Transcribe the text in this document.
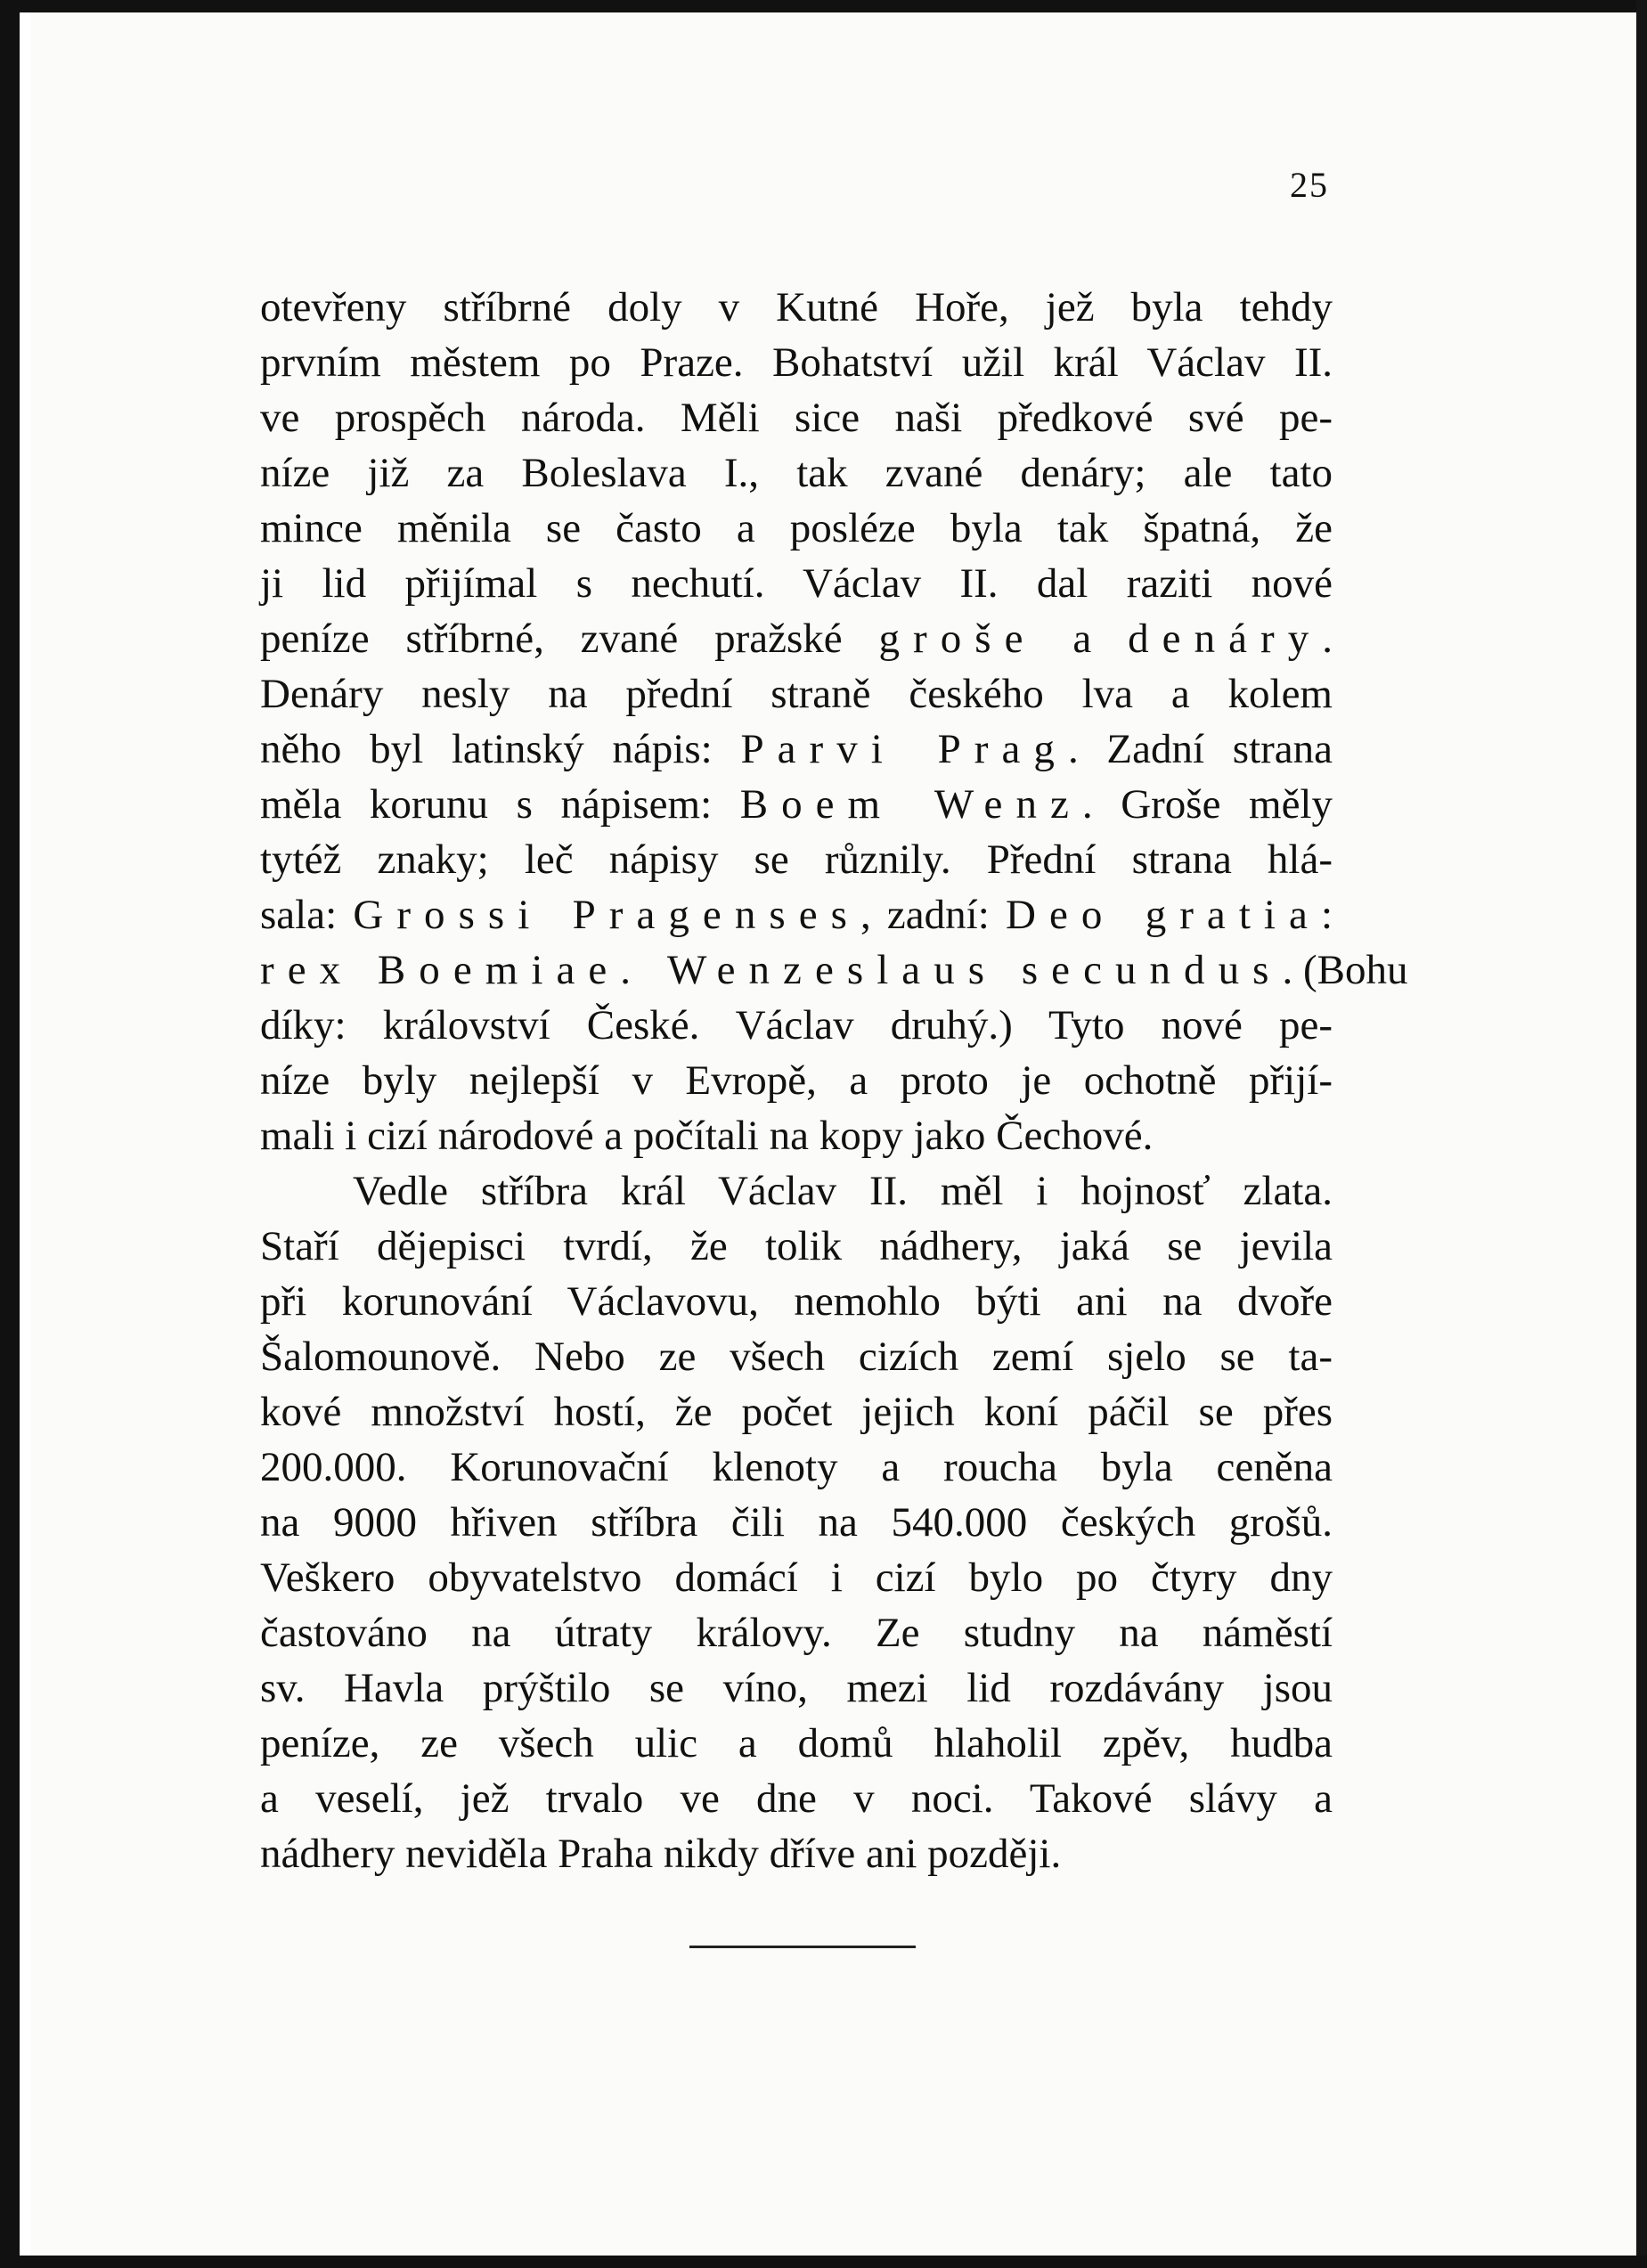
25
otevřeny stříbrné doly v Kutné Hoře, jež byla tehdy
prvním městem po Praze. Bohatství užil král Václav II.
ve prospěch národa. Měli sice naši předkové své pe-
níze již za Boleslava I., tak zvané denáry; ale tato
mince měnila se často a posléze byla tak špatná, že
ji lid přijímal s nechutí. Václav II. dal raziti nové
peníze stříbrné, zvané pražské groše a denáry.
Denáry nesly na přední straně českého lva a kolem
něho byl latinský nápis: Parvi Prag. Zadní strana
měla korunu s nápisem: Boem Wenz. Groše měly
tytéž znaky; leč nápisy se různily. Přední strana hlá-
sala: Grossi Pragenses, zadní: Deo gratia:
rex Boemiae. Wenzeslaus secundus. (Bohu
díky: království České. Václav druhý.) Tyto nové pe-
níze byly nejlepší v Evropě, a proto je ochotně přijí-
mali i cizí národové a počítali na kopy jako Čechové.
Vedle stříbra král Václav II. měl i hojnosť zlata.
Staří dějepisci tvrdí, že tolik nádhery, jaká se jevila
při korunování Václavovu, nemohlo býti ani na dvoře
Šalomounově. Nebo ze všech cizích zemí sjelo se ta-
kové množství hostí, že počet jejich koní páčil se přes
200.000. Korunovační klenoty a roucha byla ceněna
na 9000 hřiven stříbra čili na 540.000 českých grošů.
Veškero obyvatelstvo domácí i cizí bylo po čtyry dny
častováno na útraty královy. Ze studny na náměstí
sv. Havla prýštilo se víno, mezi lid rozdávány jsou
peníze, ze všech ulic a domů hlaholil zpěv, hudba
a veselí, jež trvalo ve dne v noci. Takové slávy a
nádhery neviděla Praha nikdy dříve ani později.
